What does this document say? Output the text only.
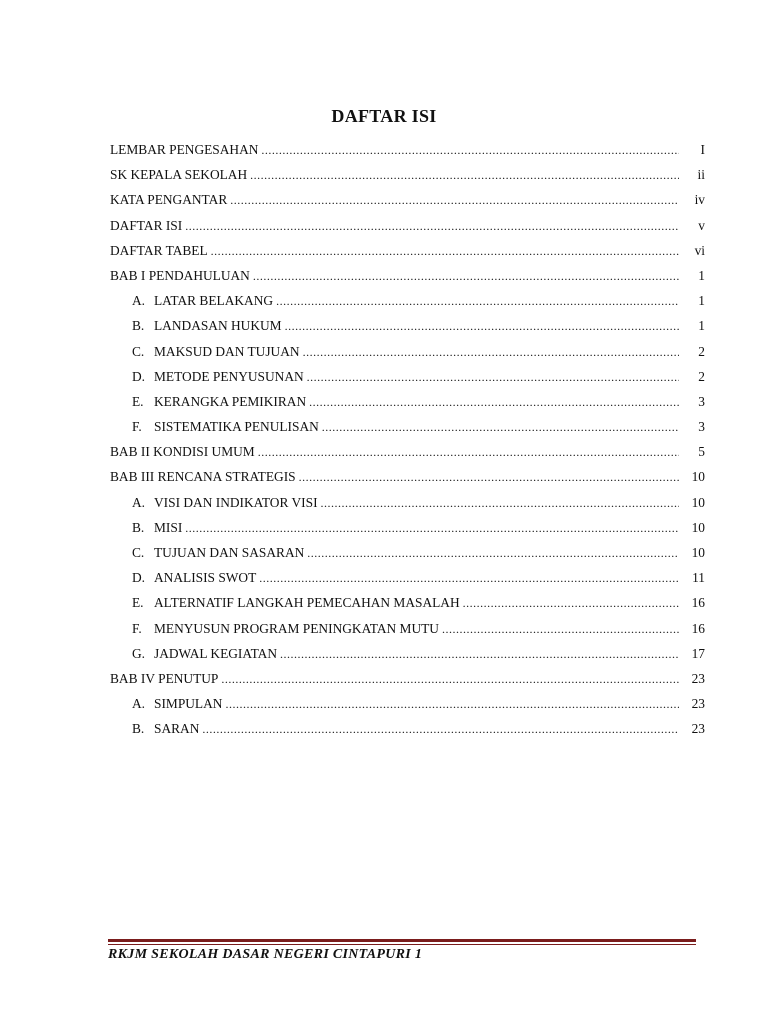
DAFTAR ISI
LEMBAR PENGESAHAN .....	I
SK KEPALA SEKOLAH .....	ii
KATA PENGANTAR .....	iv
DAFTAR ISI .....	v
DAFTAR TABEL .....	vi
BAB I PENDAHULUAN .....	1
A. LATAR BELAKANG .....	1
B. LANDASAN HUKUM .....	1
C. MAKSUD DAN TUJUAN .....	2
D. METODE PENYUSUNAN .....	2
E. KERANGKA PEMIKIRAN .....	3
F. SISTEMATIKA PENULISAN .....	3
BAB II KONDISI UMUM .....	5
BAB III RENCANA STRATEGIS .....	10
A. VISI DAN INDIKATOR VISI .....	10
B. MISI .....	10
C. TUJUAN DAN SASARAN .....	10
D. ANALISIS SWOT .....	11
E. ALTERNATIF LANGKAH PEMECAHAN MASALAH .....	16
F. MENYUSUN PROGRAM PENINGKATAN MUTU .....	16
G. JADWAL KEGIATAN .....	17
BAB IV PENUTUP .....	23
A. SIMPULAN .....	23
B. SARAN .....	23
RKJM SEKOLAH DASAR NEGERI CINTAPURI 1
